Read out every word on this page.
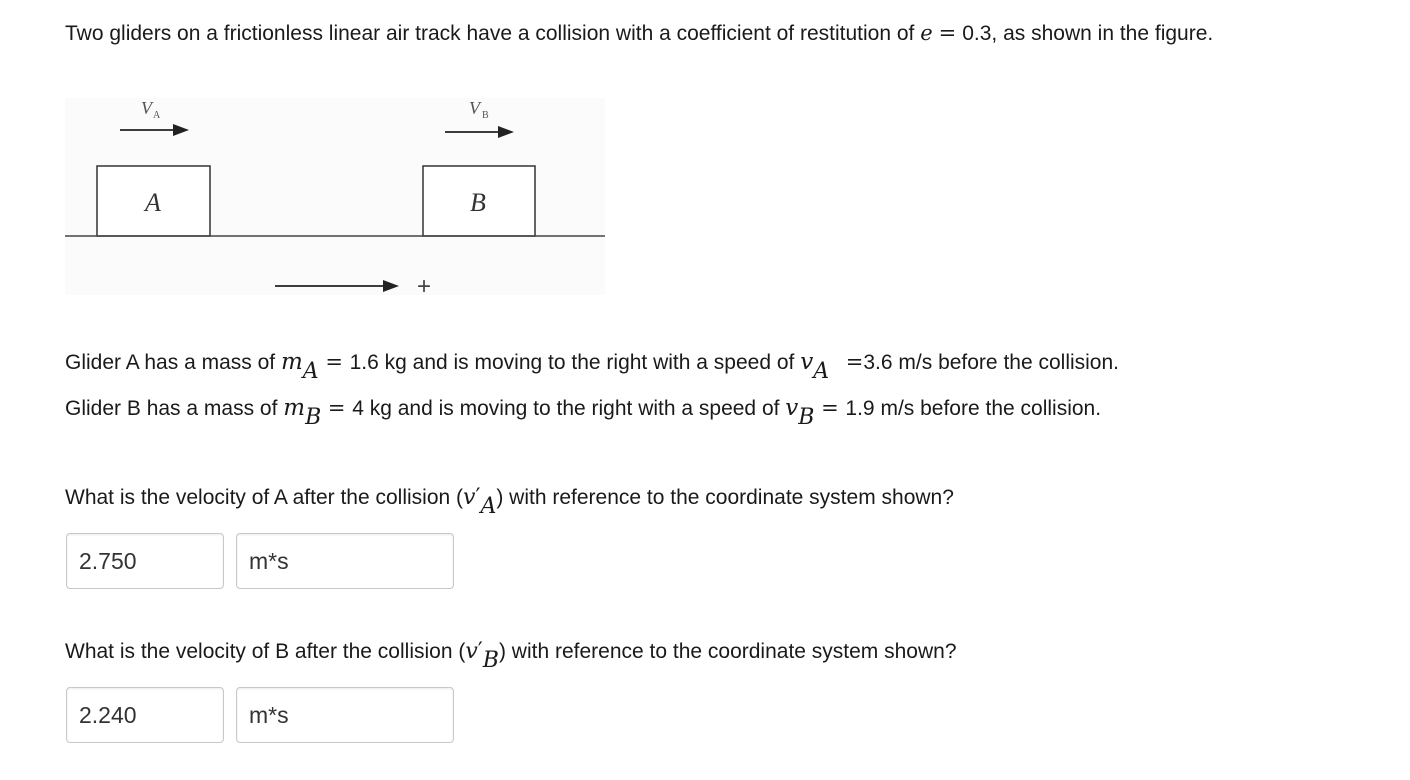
Two gliders on a frictionless linear air track have a collision with a coefficient of restitution of e = 0.3, as shown in the figure.
V A	V B
A	B
+
Glider A has a mass of mA = 1.6 kg and is moving to the right with a speed of vA =3.6 m/s before the collision.
Glider B has a mass of mB = 4 kg and is moving to the right with a speed of vB = 1.9 m/s before the collision.
What is the velocity of A after the collision (v′A) with reference to the coordinate system shown?
2.750	m*s
What is the velocity of B after the collision (v′B) with reference to the coordinate system shown?
2.240	m*s
